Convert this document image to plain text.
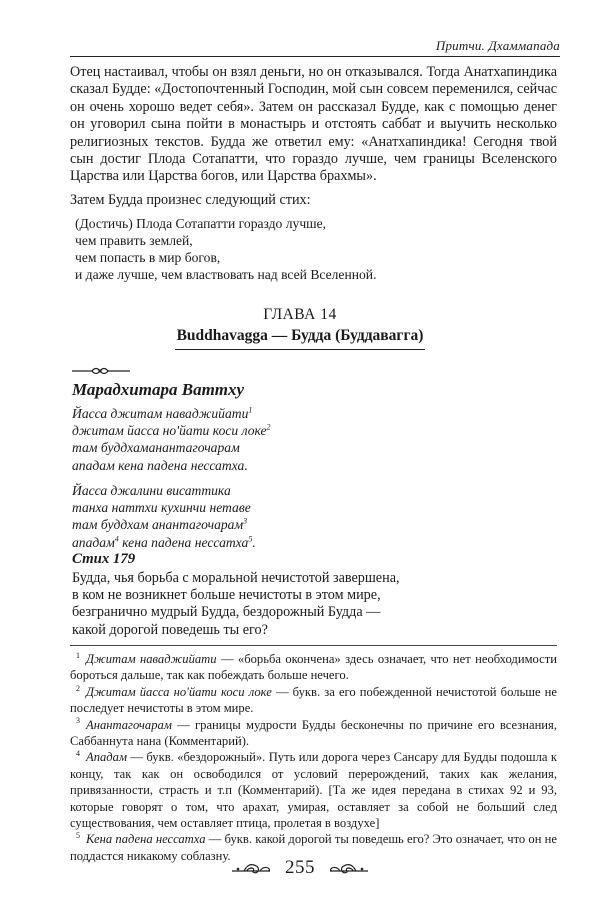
Притчи. Дхаммапада

Отец настаивал, чтобы он взял деньги, но он отказывался. Тогда Анатхапиндика сказал Будде: «Достопочтенный Господин, мой сын совсем переменился, сейчас он очень хорошо ведет себя». Затем он рассказал Будде, как с помощью денег он уговорил сына пойти в монастырь и отстоять саббат и выучить несколько религиозных текстов. Будда же ответил ему: «Анатхапиндика! Сегодня твой сын достиг Плода Сотапатти, что гораздо лучше, чем границы Вселенского Царства или Царства богов, или Царства брахмы».

Затем Будда произнес следующий стих:

(Достичь) Плода Сотапатти гораздо лучше,
чем править землей,
чем попасть в мир богов,
и даже лучше, чем властвовать над всей Вселенной.
ГЛАВА 14
Buddhavagga — Будда (Буддавагга)
Марадхитара Ваттху
Йасса джитам наваджийати$^1$
джитам йасса но'йати коси локе$^2$
там буддхаманантагочарам
ападам кена падена нессатха.
Йасса джалини висаттика
танха наттхи кухинчи нетаве
там буддхам анантагочарам$^3$
ападам$^4$ кена падена нессатха$^5$.
Стих 179
Будда, чья борьба с моральной нечистотой завершена,
в ком не возникнет больше нечистоты в этом мире,
безгранично мудрый Будда, бездорожный Будда —
какой дорогой поведешь ты его?

$^1$ Джитам наваджийати — «борьба окончена» здесь означает, что нет необходимости бороться дальше, так как побеждать больше нечего.

$^2$ Джитам йасса но'йати коси локе — букв. за его побежденной нечистотой больше не последует нечистоты в этом мире.

$^3$ Анантагочарам — границы мудрости Будды бесконечны по причине его всезнания, Саббаннута нана (Комментарий).

$^4$ Ападам — букв. «бездорожный». Путь или дорога через Сансару для Будды подошла к концу, так как он освободился от условий перерождений, таких как желания, привязанности, страсть и т.п (Комментарий). [Та же идея передана в стихах 92 и 93, которые говорят о том, что арахат, умирая, оставляет за собой не больший след существования, чем оставляет птица, пролетая в воздухе]

$^5$ Кена падена нессатха — букв. какой дорогой ты поведешь его? Это означает, что он не поддастся никакому соблазну.

255
